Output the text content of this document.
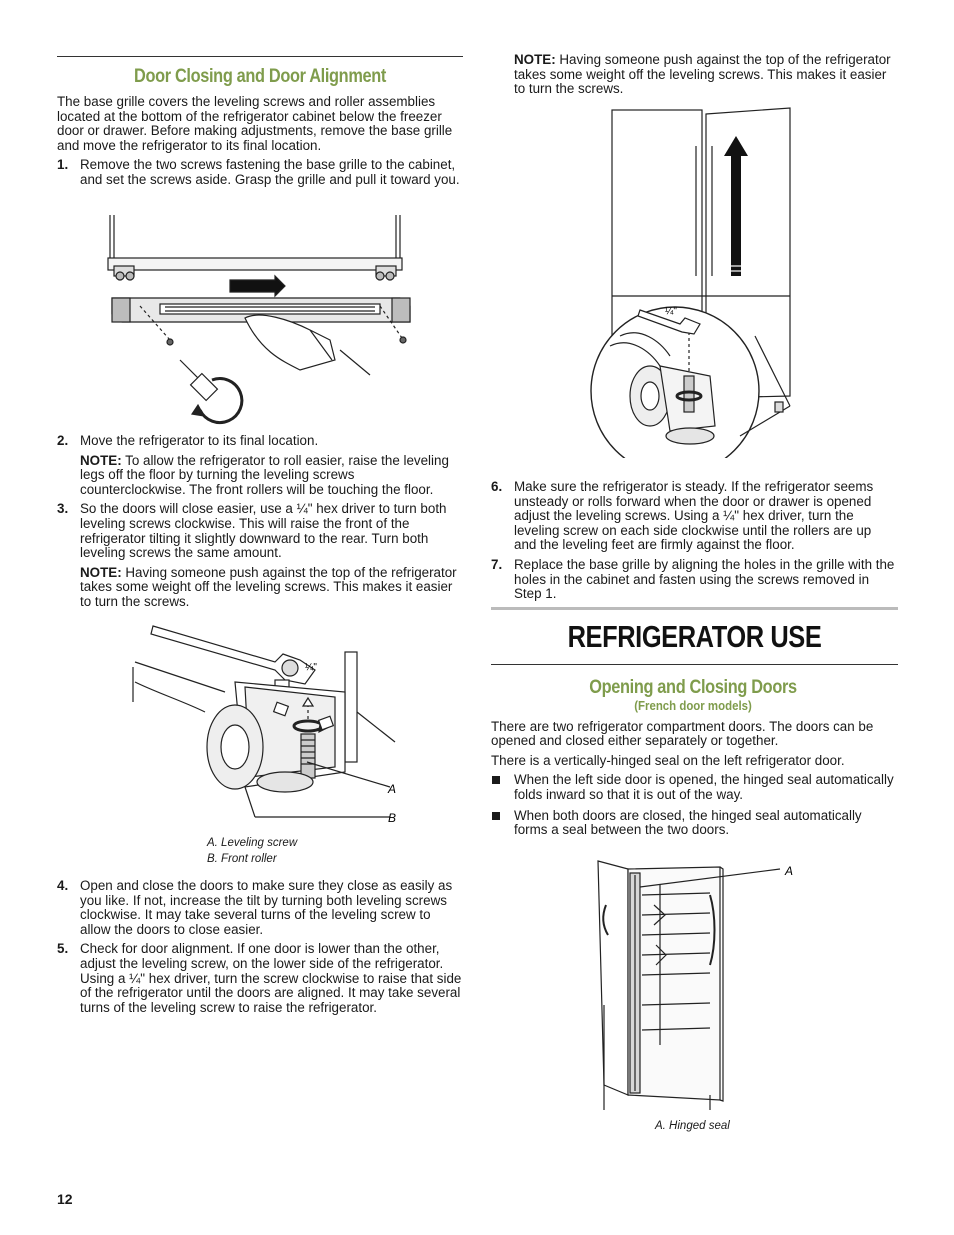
Door Closing and Door Alignment

The base grille covers the leveling screws and roller assemblies located at the bottom of the refrigerator cabinet below the freezer door or drawer. Before making adjustments, remove the base grille and move the refrigerator to its final location.

1. Remove the two screws fastening the base grille to the cabinet, and set the screws aside. Grasp the grille and pull it toward you.
2. Move the refrigerator to its final location.
NOTE: To allow the refrigerator to roll easier, raise the leveling legs off the floor by turning the leveling screws counterclockwise. The front rollers will be touching the floor.
3. So the doors will close easier, use a ¼" hex driver to turn both leveling screws clockwise. This will raise the front of the refrigerator tilting it slightly downward to the rear. Turn both leveling screws the same amount.
NOTE: Having someone push against the top of the refrigerator takes some weight off the leveling screws. This makes it easier to turn the screws.
¼"
A
B
A. Leveling screw
B. Front roller
4. Open and close the doors to make sure they close as easily as you like. If not, increase the tilt by turning both leveling screws clockwise. It may take several turns of the leveling screw to allow the doors to close easier.
5. Check for door alignment. If one door is lower than the other, adjust the leveling screw, on the lower side of the refrigerator. Using a ¼" hex driver, turn the screw clockwise to raise that side of the refrigerator until the doors are aligned. It may take several turns of the leveling screw to raise the refrigerator.
NOTE: Having someone push against the top of the refrigerator takes some weight off the leveling screws. This makes it easier to turn the screws.
¼"
6. Make sure the refrigerator is steady. If the refrigerator seems unsteady or rolls forward when the door or drawer is opened adjust the leveling screws. Using a ¼" hex driver, turn the leveling screw on each side clockwise until the rollers are up and the leveling feet are firmly against the floor.
7. Replace the base grille by aligning the holes in the grille with the holes in the cabinet and fasten using the screws removed in Step 1.
REFRIGERATOR USE
Opening and Closing Doors
(French door models)

There are two refrigerator compartment doors. The doors can be opened and closed either separately or together.

There is a vertically-hinged seal on the left refrigerator door.

When the left side door is opened, the hinged seal automatically folds inward so that it is out of the way.
When both doors are closed, the hinged seal automatically forms a seal between the two doors.
A
A. Hinged seal
12
